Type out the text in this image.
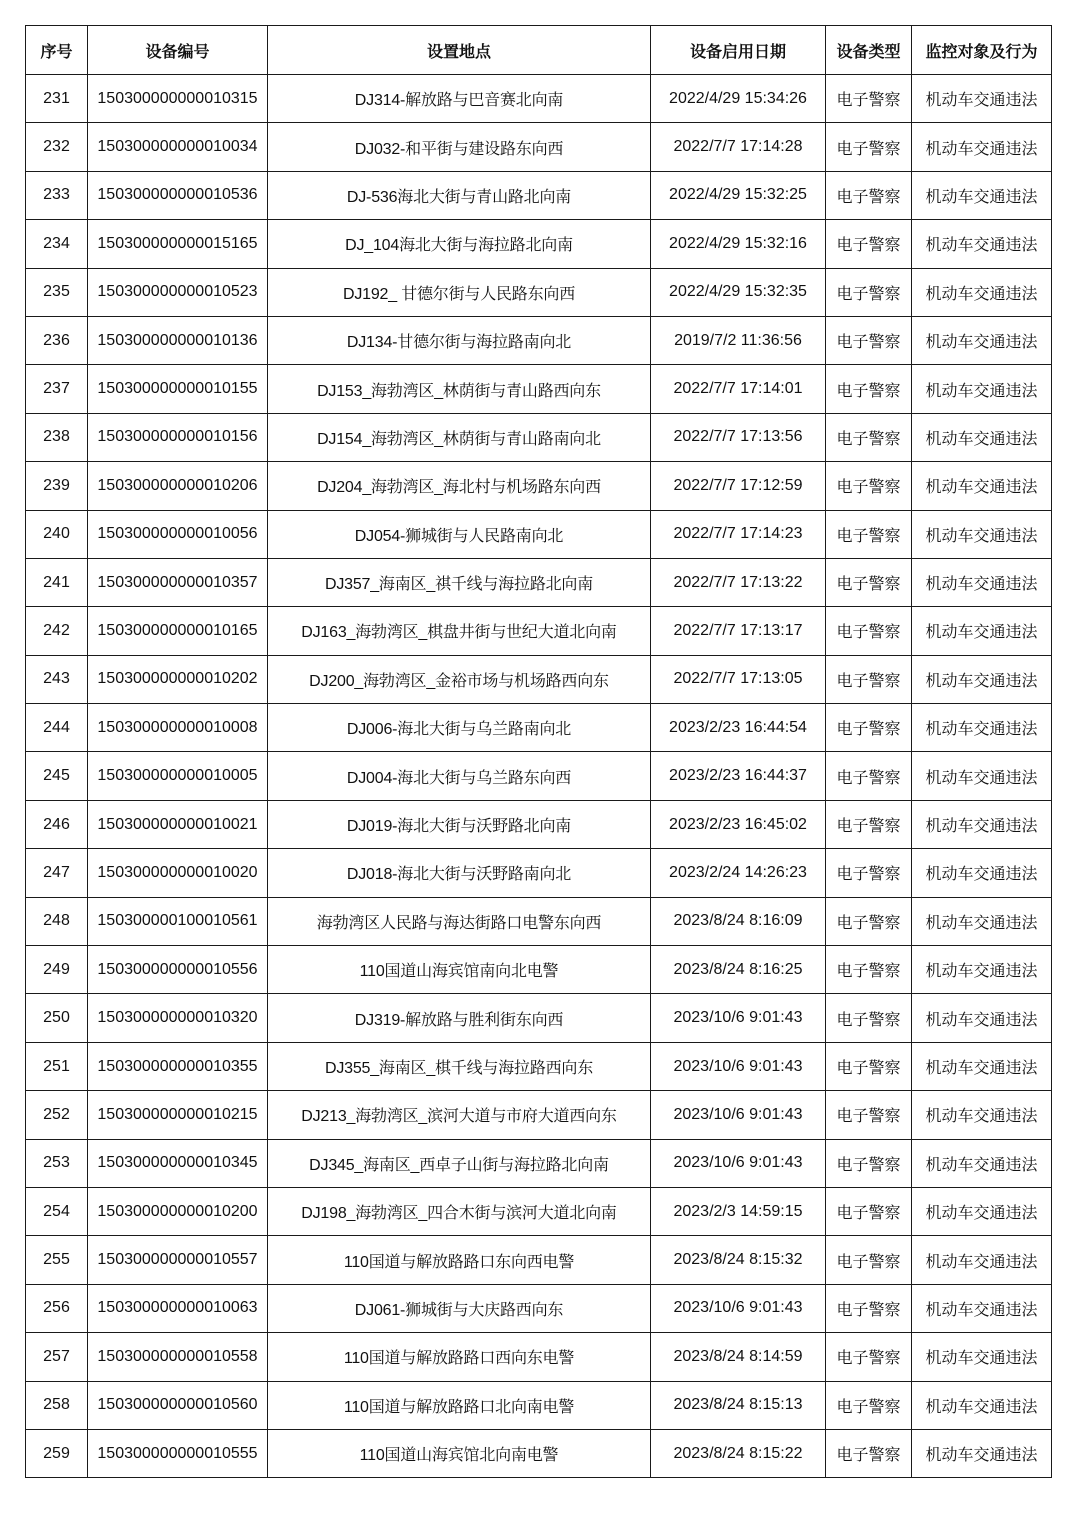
序号	设备编号	设置地点	设备启用日期	设备类型	监控对象及行为
231	150300000000010315	DJ314-解放路与巴音赛北向南	2022/4/29 15:34:26	电子警察	机动车交通违法
232	150300000000010034	DJ032-和平街与建设路东向西	2022/7/7 17:14:28	电子警察	机动车交通违法
233	150300000000010536	DJ-536海北大街与青山路北向南	2022/4/29 15:32:25	电子警察	机动车交通违法
234	150300000000015165	DJ_104海北大街与海拉路北向南	2022/4/29 15:32:16	电子警察	机动车交通违法
235	150300000000010523	DJ192_ 甘德尔街与人民路东向西	2022/4/29 15:32:35	电子警察	机动车交通违法
236	150300000000010136	DJ134-甘德尔街与海拉路南向北	2019/7/2 11:36:56	电子警察	机动车交通违法
237	150300000000010155	DJ153_海勃湾区_林荫街与青山路西向东	2022/7/7 17:14:01	电子警察	机动车交通违法
238	150300000000010156	DJ154_海勃湾区_林荫街与青山路南向北	2022/7/7 17:13:56	电子警察	机动车交通违法
239	150300000000010206	DJ204_海勃湾区_海北村与机场路东向西	2022/7/7 17:12:59	电子警察	机动车交通违法
240	150300000000010056	DJ054-狮城街与人民路南向北	2022/7/7 17:14:23	电子警察	机动车交通违法
241	150300000000010357	DJ357_海南区_祺千线与海拉路北向南	2022/7/7 17:13:22	电子警察	机动车交通违法
242	150300000000010165	DJ163_海勃湾区_棋盘井街与世纪大道北向南	2022/7/7 17:13:17	电子警察	机动车交通违法
243	150300000000010202	DJ200_海勃湾区_金裕市场与机场路西向东	2022/7/7 17:13:05	电子警察	机动车交通违法
244	150300000000010008	DJ006-海北大街与乌兰路南向北	2023/2/23 16:44:54	电子警察	机动车交通违法
245	150300000000010005	DJ004-海北大街与乌兰路东向西	2023/2/23 16:44:37	电子警察	机动车交通违法
246	150300000000010021	DJ019-海北大街与沃野路北向南	2023/2/23 16:45:02	电子警察	机动车交通违法
247	150300000000010020	DJ018-海北大街与沃野路南向北	2023/2/24 14:26:23	电子警察	机动车交通违法
248	150300000100010561	海勃湾区人民路与海达街路口电警东向西	2023/8/24 8:16:09	电子警察	机动车交通违法
249	150300000000010556	110国道山海宾馆南向北电警	2023/8/24 8:16:25	电子警察	机动车交通违法
250	150300000000010320	DJ319-解放路与胜利街东向西	2023/10/6 9:01:43	电子警察	机动车交通违法
251	150300000000010355	DJ355_海南区_棋千线与海拉路西向东	2023/10/6 9:01:43	电子警察	机动车交通违法
252	150300000000010215	DJ213_海勃湾区_滨河大道与市府大道西向东	2023/10/6 9:01:43	电子警察	机动车交通违法
253	150300000000010345	DJ345_海南区_西卓子山街与海拉路北向南	2023/10/6 9:01:43	电子警察	机动车交通违法
254	150300000000010200	DJ198_海勃湾区_四合木街与滨河大道北向南	2023/2/3 14:59:15	电子警察	机动车交通违法
255	150300000000010557	110国道与解放路路口东向西电警	2023/8/24 8:15:32	电子警察	机动车交通违法
256	150300000000010063	DJ061-狮城街与大庆路西向东	2023/10/6 9:01:43	电子警察	机动车交通违法
257	150300000000010558	110国道与解放路路口西向东电警	2023/8/24 8:14:59	电子警察	机动车交通违法
258	150300000000010560	110国道与解放路路口北向南电警	2023/8/24 8:15:13	电子警察	机动车交通违法
259	150300000000010555	110国道山海宾馆北向南电警	2023/8/24 8:15:22	电子警察	机动车交通违法
